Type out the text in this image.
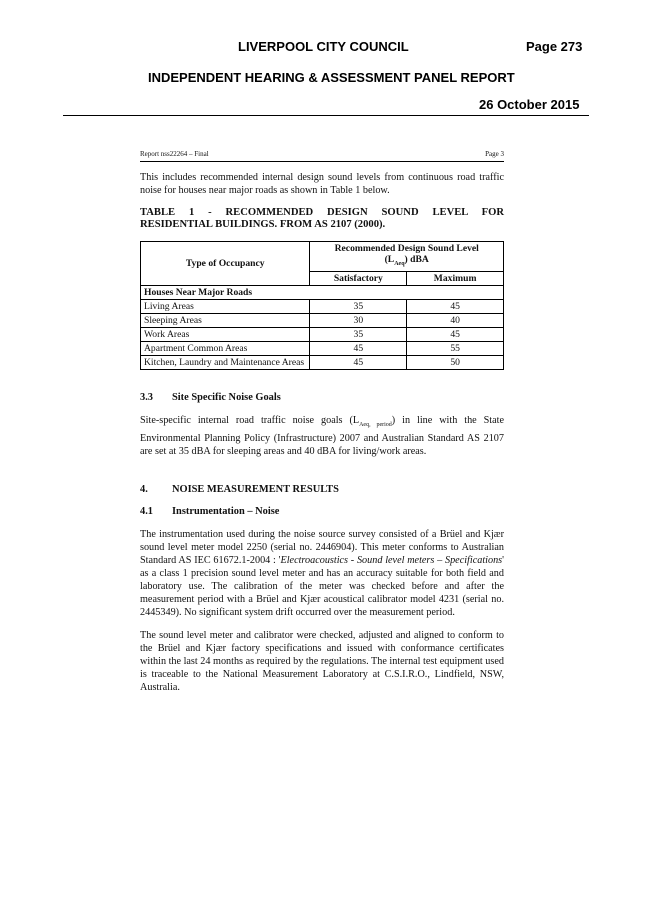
LIVERPOOL CITY COUNCIL	Page 273
INDEPENDENT HEARING & ASSESSMENT PANEL REPORT
26 October 2015
Report nss22264 – Final	Page 3

This includes recommended internal design sound levels from continuous road traffic noise for houses near major roads as shown in Table 1 below.

TABLE 1 - RECOMMENDED DESIGN SOUND LEVEL FOR
RESIDENTIAL BUILDINGS. FROM AS 2107 (2000).
Type of Occupancy	Recommended Design Sound Level
$(L_{Aeq})$ dBA	
	Satisfactory	Maximum
Houses Near Major Roads		
Living Areas	35	45
Sleeping Areas	30	40
Work Areas	35	45
Apartment Common Areas	45	55
Kitchen, Laundry and Maintenance Areas	45	50
3.3 Site Specific Noise Goals

Site-specific internal road traffic noise goals $(L_{Aeq, period})$ in line with the State Environmental Planning Policy (Infrastructure) 2007 and Australian Standard AS 2107 are set at 35 dBA for sleeping areas and 40 dBA for living/work areas.

4. NOISE MEASUREMENT RESULTS
4.1 Instrumentation – Noise

The instrumentation used during the noise source survey consisted of a Brüel and Kjær sound level meter model 2250 (serial no. 2446904). This meter conforms to Australian Standard AS IEC 61672.1-2004 : 'Electroacoustics - Sound level meters – Specifications' as a class 1 precision sound level meter and has an accuracy suitable for both field and laboratory use. The calibration of the meter was checked before and after the measurement period with a Brüel and Kjær acoustical calibrator model 4231 (serial no. 2445349). No significant system drift occurred over the measurement period.

The sound level meter and calibrator were checked, adjusted and aligned to conform to the Brüel and Kjær factory specifications and issued with conformance certificates within the last 24 months as required by the regulations. The internal test equipment used is traceable to the National Measurement Laboratory at C.S.I.R.O., Lindfield, NSW, Australia.
